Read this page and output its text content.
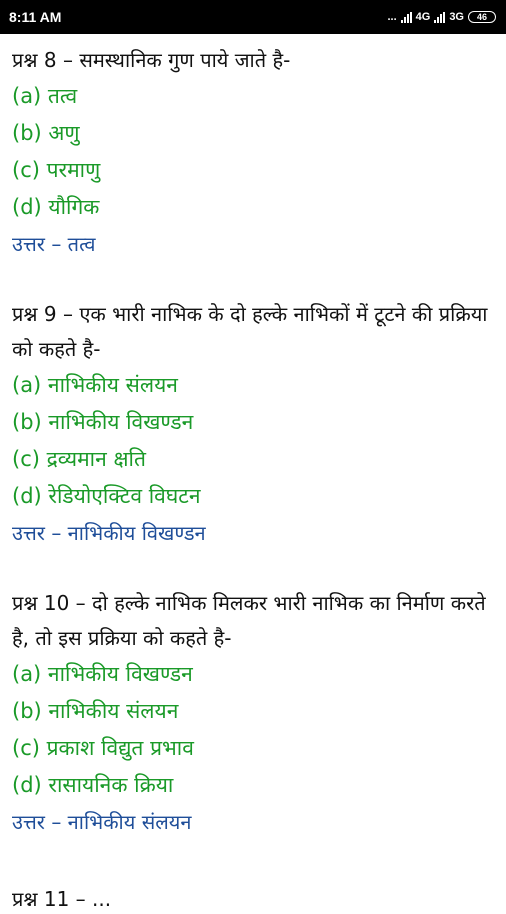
8:11 AM	... 4G 3G	46

प्रश्न 8 – समस्थानिक गुण पाये जाते है-

(a) तत्व

(b) अणु

(c) परमाणु

(d) यौगिक

उत्तर – तत्व

प्रश्न 9 – एक भारी नाभिक के दो हल्के नाभिकों में टूटने की प्रक्रिया को कहते है-

(a) नाभिकीय संलयन

(b) नाभिकीय विखण्डन

(c) द्रव्यमान क्षति

(d) रेडियोएक्टिव विघटन

उत्तर – नाभिकीय विखण्डन

प्रश्न 10 – दो हल्के नाभिक मिलकर भारी नाभिक का निर्माण करते है, तो इस प्रक्रिया को कहते है-

(a) नाभिकीय विखण्डन

(b) नाभिकीय संलयन

(c) प्रकाश विद्युत प्रभाव

(d) रासायनिक क्रिया

उत्तर – नाभिकीय संलयन

प्रश्न 11 – ...
